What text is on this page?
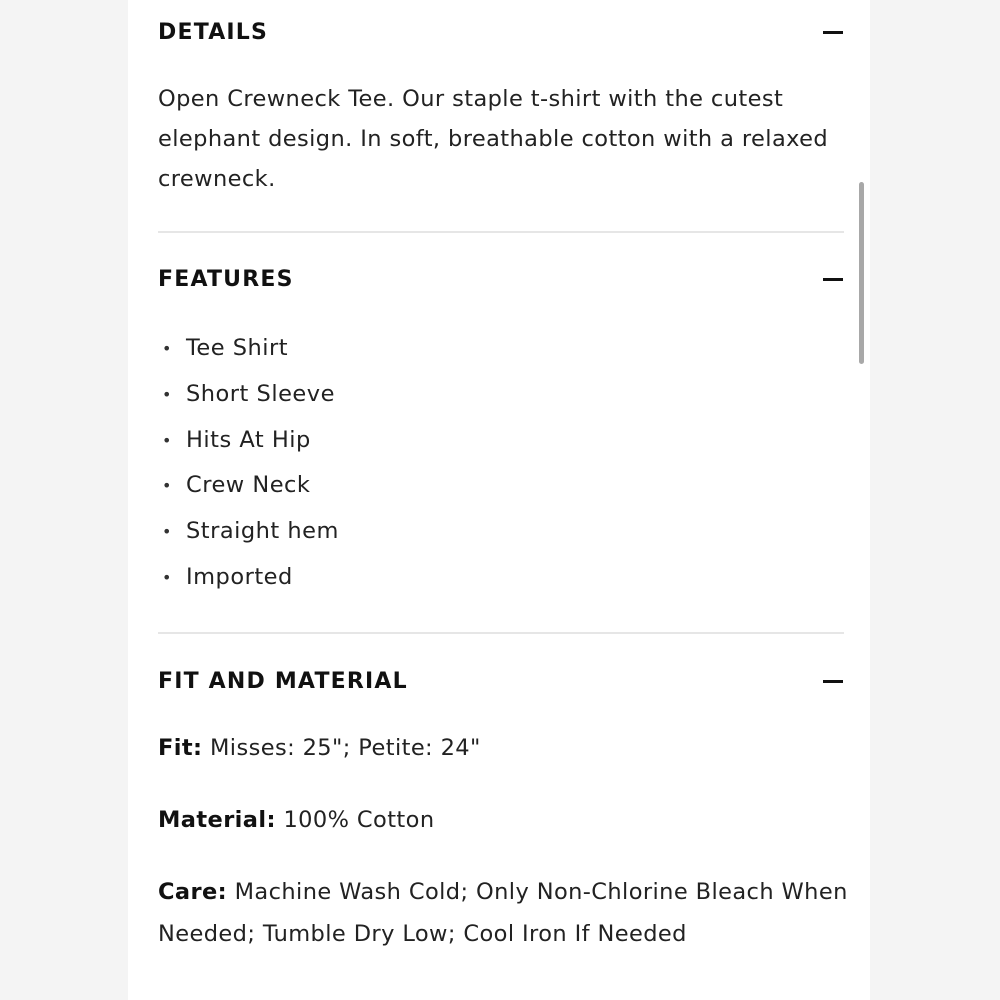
DETAILS
Open Crewneck Tee. Our staple t-shirt with the cutest elephant design. In soft, breathable cotton with a relaxed crewneck.
FEATURES
• Tee Shirt
• Short Sleeve
• Hits At Hip
• Crew Neck
• Straight hem
• Imported
FIT AND MATERIAL
Fit: Misses: 25"; Petite: 24"
Material: 100% Cotton
Care: Machine Wash Cold; Only Non-Chlorine Bleach When Needed; Tumble Dry Low; Cool Iron If Needed
